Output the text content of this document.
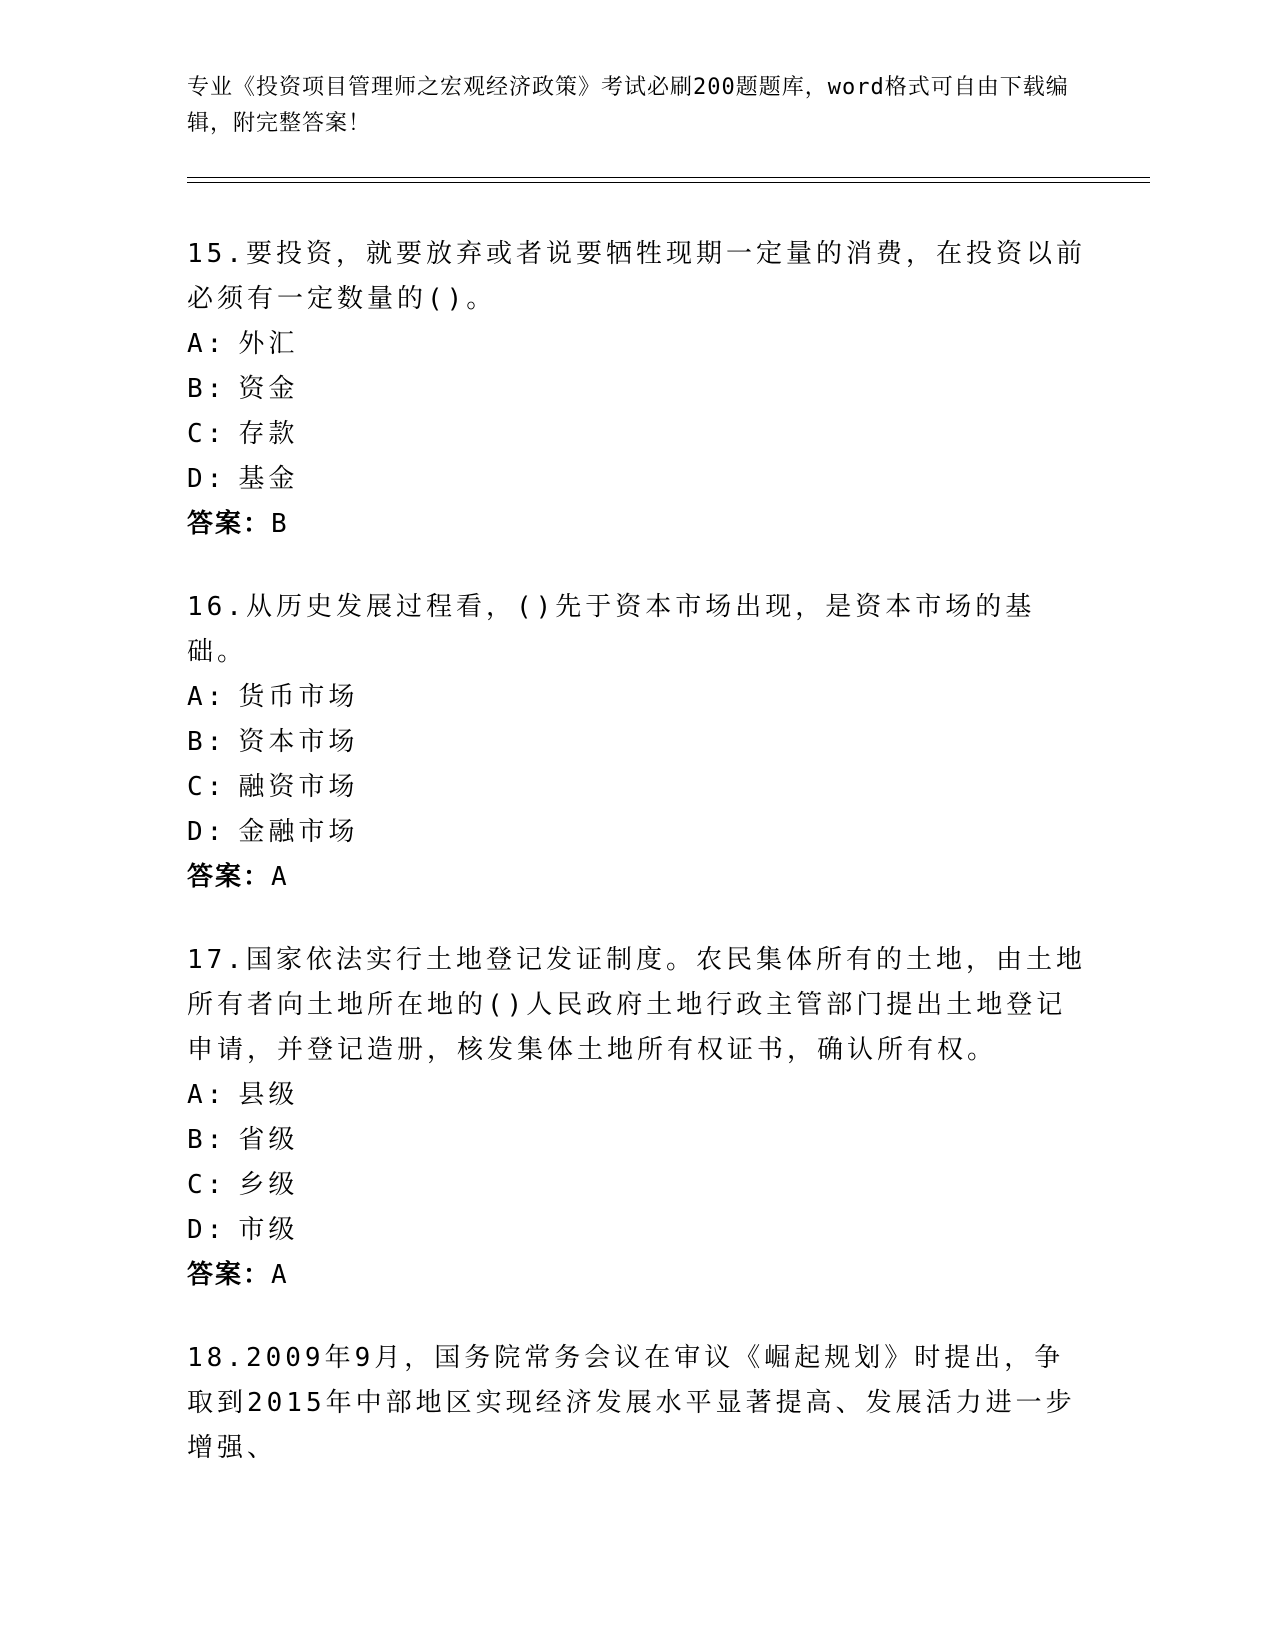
专业《投资项目管理师之宏观经济政策》考试必刷200题题库，word格式可自由下载编辑，附完整答案！

15.要投资，就要放弃或者说要牺牲现期一定量的消费，在投资以前必须有一定数量的()。

A: 外汇

B: 资金

C: 存款

D: 基金

答案：B

16.从历史发展过程看，()先于资本市场出现，是资本市场的基础。

A: 货币市场

B: 资本市场

C: 融资市场

D: 金融市场

答案：A

17.国家依法实行土地登记发证制度。农民集体所有的土地，由土地所有者向土地所在地的()人民政府土地行政主管部门提出土地登记申请，并登记造册，核发集体土地所有权证书，确认所有权。

A: 县级

B: 省级

C: 乡级

D: 市级

答案：A

18.2009年9月，国务院常务会议在审议《崛起规划》时提出，争取到2015年中部地区实现经济发展水平显著提高、发展活力进一步增强、
